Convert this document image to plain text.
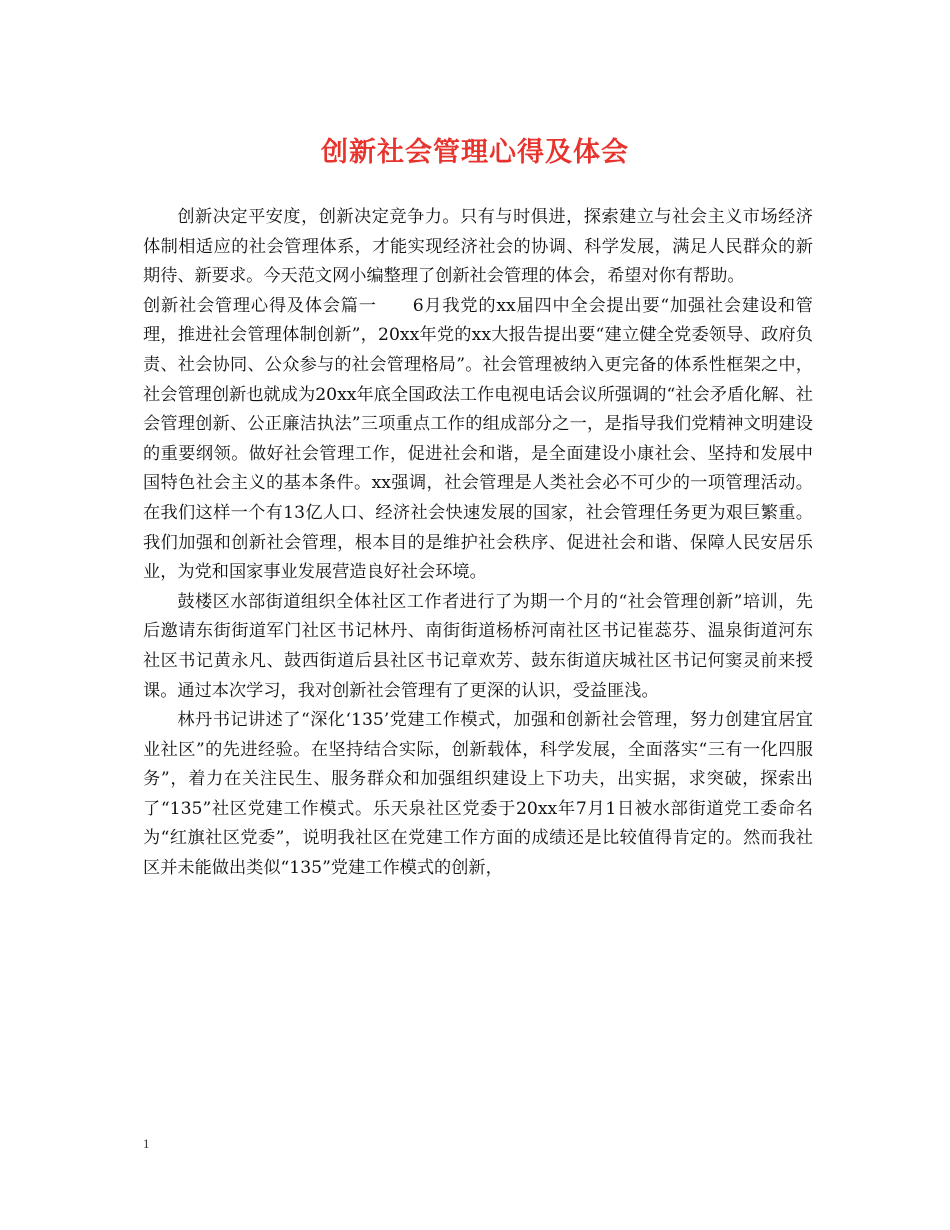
创新社会管理心得及体会

创新决定平安度，创新决定竞争力。只有与时俱进，探索建立与社会主义市场经济体制相适应的社会管理体系，才能实现经济社会的协调、科学发展，满足人民群众的新期待、新要求。今天范文网小编整理了创新社会管理的体会，希望对你有帮助。

创新社会管理心得及体会篇一　　6月我党的xx届四中全会提出要“加强社会建设和管理，推进社会管理体制创新”，20xx年党的xx大报告提出要“建立健全党委领导、政府负责、社会协同、公众参与的社会管理格局”。社会管理被纳入更完备的体系性框架之中，社会管理创新也就成为20xx年底全国政法工作电视电话会议所强调的“社会矛盾化解、社会管理创新、公正廉洁执法”三项重点工作的组成部分之一，是指导我们党精神文明建设的重要纲领。做好社会管理工作，促进社会和谐，是全面建设小康社会、坚持和发展中国特色社会主义的基本条件。xx强调，社会管理是人类社会必不可少的一项管理活动。在我们这样一个有13亿人口、经济社会快速发展的国家，社会管理任务更为艰巨繁重。我们加强和创新社会管理，根本目的是维护社会秩序、促进社会和谐、保障人民安居乐业，为党和国家事业发展营造良好社会环境。

鼓楼区水部街道组织全体社区工作者进行了为期一个月的“社会管理创新”培训，先后邀请东街街道军门社区书记林丹、南街街道杨桥河南社区书记崔蕊芬、温泉街道河东社区书记黄永凡、鼓西街道后县社区书记章欢芳、鼓东街道庆城社区书记何窦灵前来授课。通过本次学习，我对创新社会管理有了更深的认识，受益匪浅。

林丹书记讲述了“深化‘135’党建工作模式，加强和创新社会管理，努力创建宜居宜业社区”的先进经验。在坚持结合实际，创新载体，科学发展，全面落实“三有一化四服务”，着力在关注民生、服务群众和加强组织建设上下功夫，出实据，求突破，探索出了“135”社区党建工作模式。乐天泉社区党委于20xx年7月1日被水部街道党工委命名为“红旗社区党委”，说明我社区在党建工作方面的成绩还是比较值得肯定的。然而我社区并未能做出类似“135”党建工作模式的创新，

1
